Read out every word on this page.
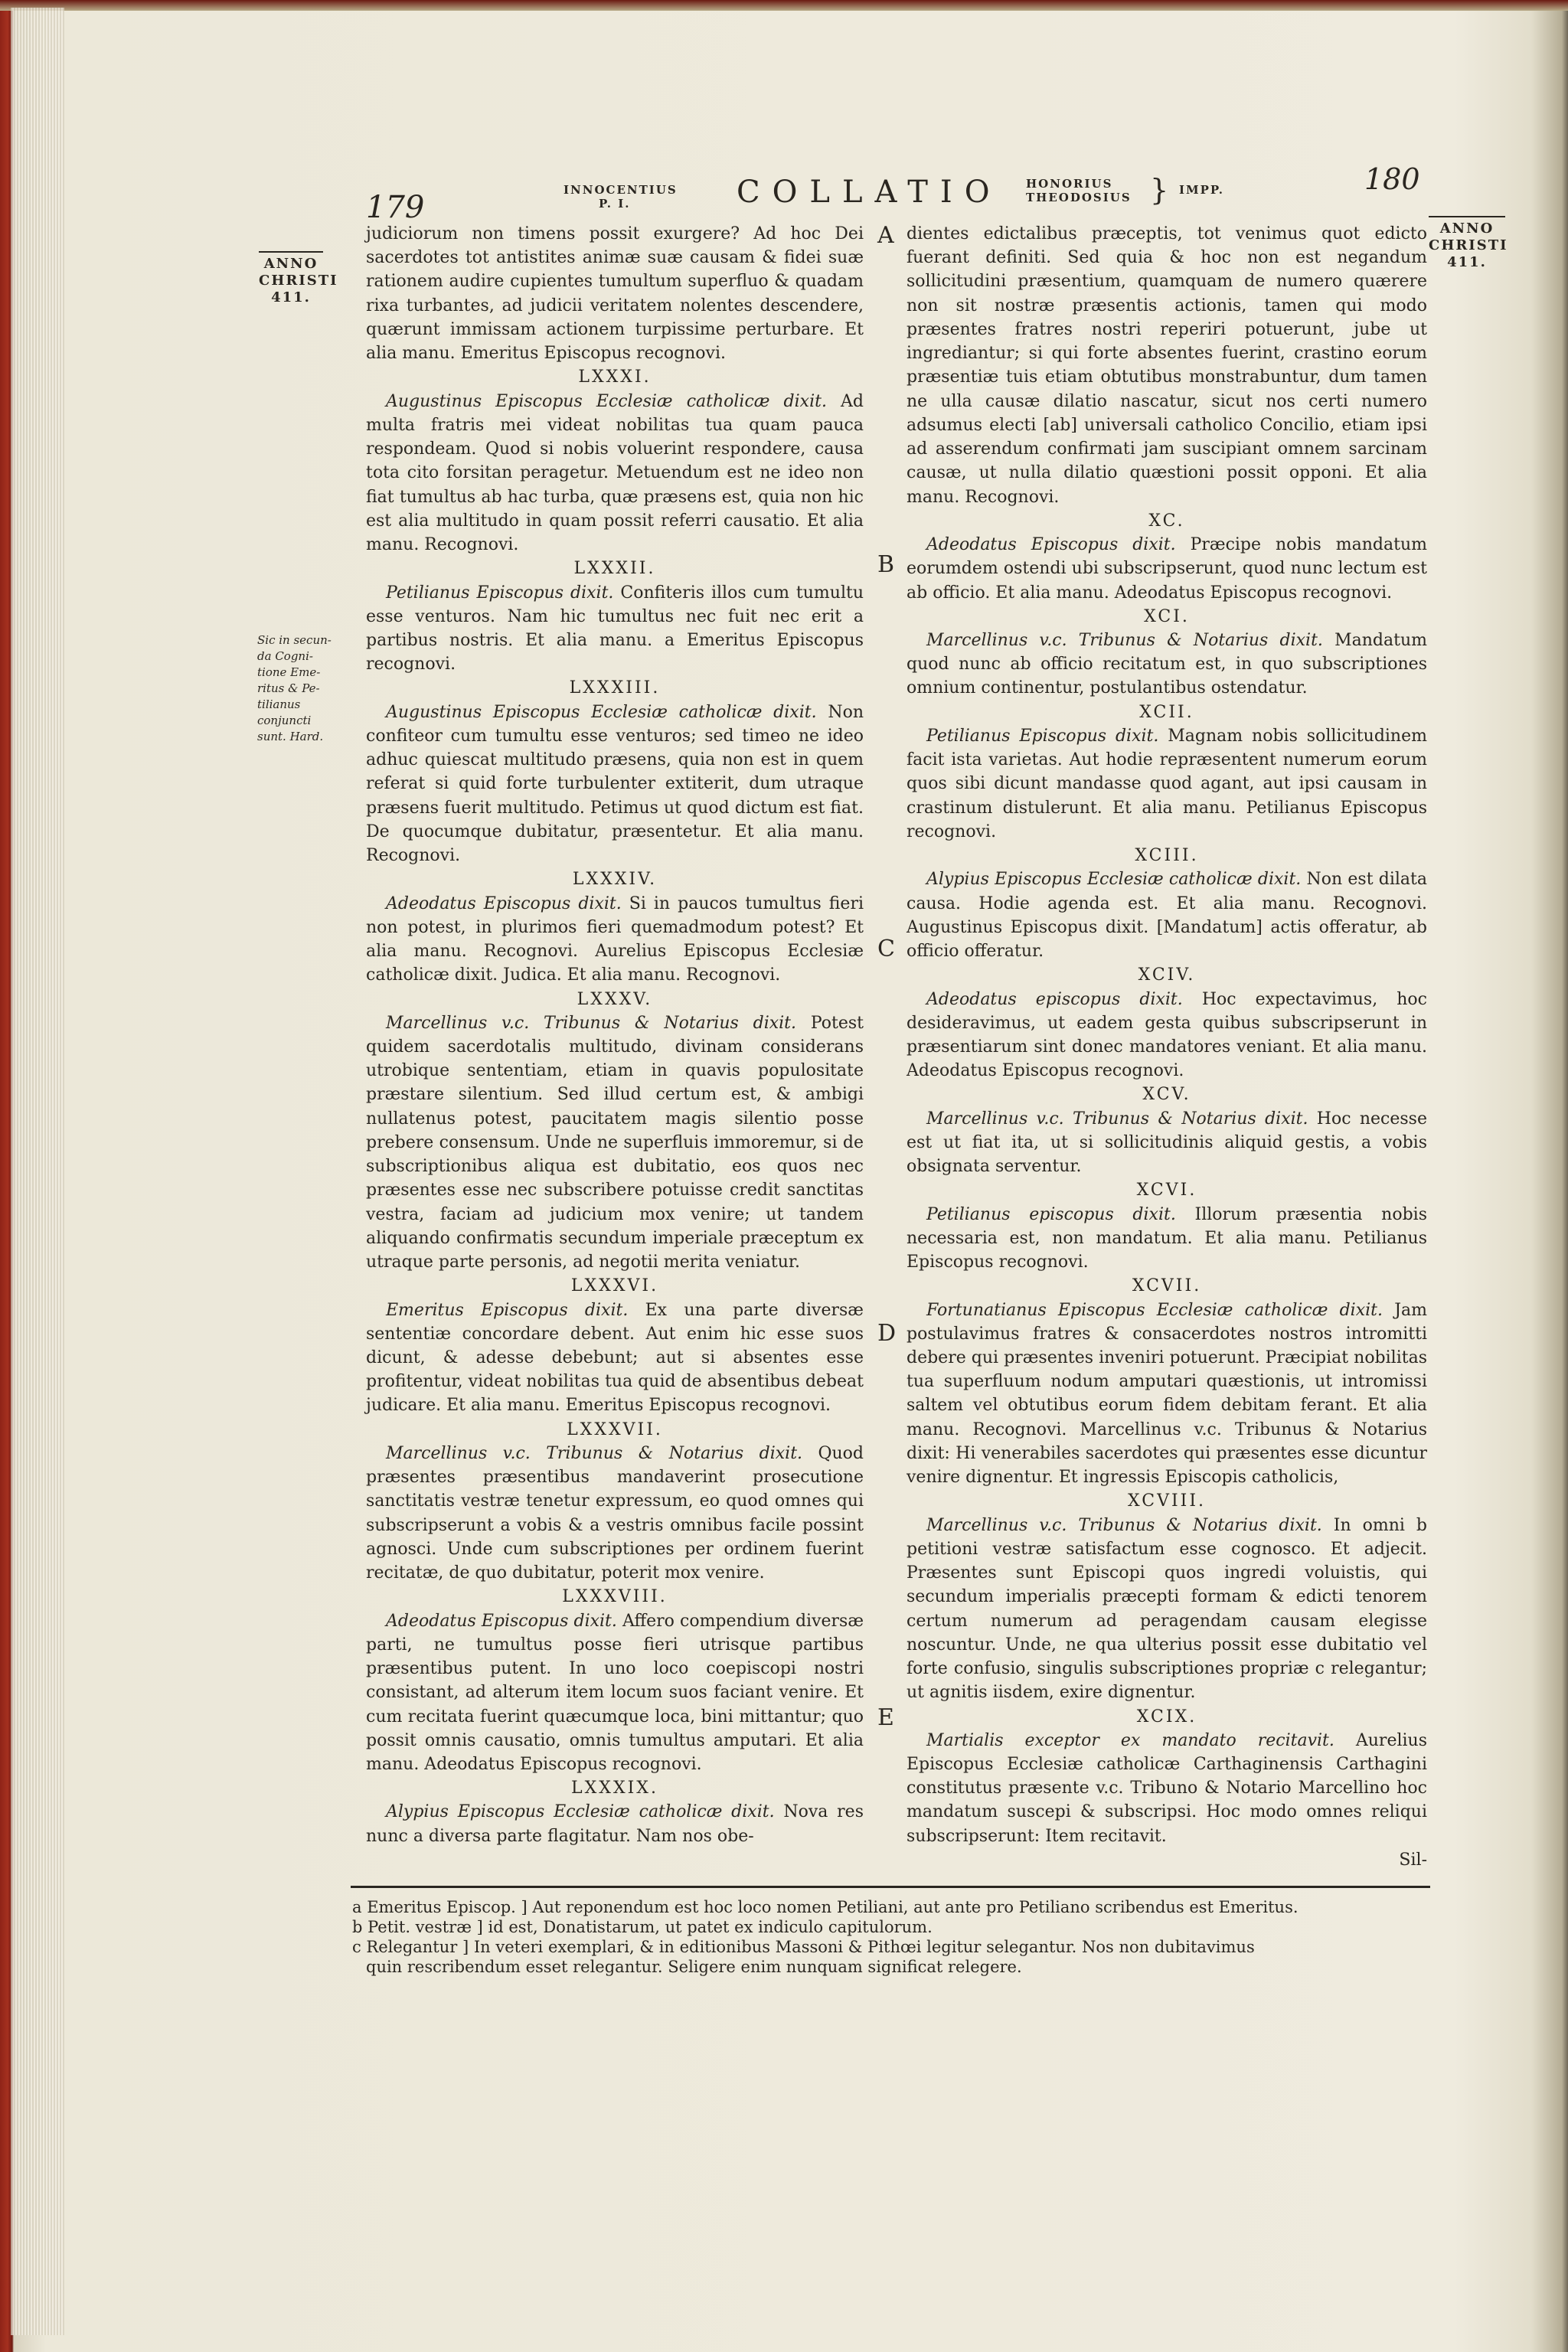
179	INNOCENTIUS
P. I.	COLLATIO HONORIUS
THEODOSIUS } IMPP.	180
ANNO
CHRISTI
411.
Sic in secun-
da Cogni-
tione Eme-
ritus & Pe-
tilianus
conjuncti
sunt. Hard.
ANNO
CHRISTI
411.
A
B
C
D
E

judiciorum non timens possit exurgere? Ad hoc Dei sacerdotes tot antistites animæ suæ causam & fidei suæ rationem audire cupientes tumultum superfluo & quadam rixa turbantes, ad judicii veritatem nolentes descendere, quærunt immissam actionem turpissime perturbare. Et alia manu. Emeritus Episcopus recognovi.

LXXXI.

Augustinus Episcopus Ecclesiæ catholicæ dixit. Ad multa fratris mei videat nobilitas tua quam pauca respondeam. Quod si nobis voluerint respondere, causa tota cito forsitan peragetur. Metuendum est ne ideo non fiat tumultus ab hac turba, quæ præsens est, quia non hic est alia multitudo in quam possit referri causatio. Et alia manu. Recognovi.

LXXXII.

Petilianus Episcopus dixit. Confiteris illos cum tumultu esse venturos. Nam hic tumultus nec fuit nec erit a partibus nostris. Et alia manu. a Emeritus Episcopus recognovi.

LXXXIII.

Augustinus Episcopus Ecclesiæ catholicæ dixit. Non confiteor cum tumultu esse venturos; sed timeo ne ideo adhuc quiescat multitudo præsens, quia non est in quem referat si quid forte turbulenter extiterit, dum utraque præsens fuerit multitudo. Petimus ut quod dictum est fiat. De quocumque dubitatur, præsentetur. Et alia manu. Recognovi.

LXXXIV.

Adeodatus Episcopus dixit. Si in paucos tumultus fieri non potest, in plurimos fieri quemadmodum potest? Et alia manu. Recognovi. Aurelius Episcopus Ecclesiæ catholicæ dixit. Judica. Et alia manu. Recognovi.

LXXXV.

Marcellinus v.c. Tribunus & Notarius dixit. Potest quidem sacerdotalis multitudo, divinam considerans utrobique sententiam, etiam in quavis populositate præstare silentium. Sed illud certum est, & ambigi nullatenus potest, paucitatem magis silentio posse prebere consensum. Unde ne superfluis immoremur, si de subscriptionibus aliqua est dubitatio, eos quos nec præsentes esse nec subscribere potuisse credit sanctitas vestra, faciam ad judicium mox venire; ut tandem aliquando confirmatis secundum imperiale præceptum ex utraque parte personis, ad negotii merita veniatur.

LXXXVI.

Emeritus Episcopus dixit. Ex una parte diversæ sententiæ concordare debent. Aut enim hic esse suos dicunt, & adesse debebunt; aut si absentes esse profitentur, videat nobilitas tua quid de absentibus debeat judicare. Et alia manu. Emeritus Episcopus recognovi.

LXXXVII.

Marcellinus v.c. Tribunus & Notarius dixit. Quod præsentes præsentibus mandaverint prosecutione sanctitatis vestræ tenetur expressum, eo quod omnes qui subscripserunt a vobis & a vestris omnibus facile possint agnosci. Unde cum subscriptiones per ordinem fuerint recitatæ, de quo dubitatur, poterit mox venire.

LXXXVIII.

Adeodatus Episcopus dixit. Affero compendium diversæ parti, ne tumultus posse fieri utrisque partibus præsentibus putent. In uno loco coepiscopi nostri consistant, ad alterum item locum suos faciant venire. Et cum recitata fuerint quæcumque loca, bini mittantur; quo possit omnis causatio, omnis tumultus amputari. Et alia manu. Adeodatus Episcopus recognovi.

LXXXIX.

Alypius Episcopus Ecclesiæ catholicæ dixit. Nova res nunc a diversa parte flagitatur. Nam nos obe-

dientes edictalibus præceptis, tot venimus quot edicto fuerant definiti. Sed quia & hoc non est negandum sollicitudini præsentium, quamquam de numero quærere non sit nostræ præsentis actionis, tamen qui modo præsentes fratres nostri reperiri potuerunt, jube ut ingrediantur; si qui forte absentes fuerint, crastino eorum præsentiæ tuis etiam obtutibus monstrabuntur, dum tamen ne ulla causæ dilatio nascatur, sicut nos certi numero adsumus electi [ab] universali catholico Concilio, etiam ipsi ad asserendum confirmati jam suscipiant omnem sarcinam causæ, ut nulla dilatio quæstioni possit opponi. Et alia manu. Recognovi.

XC.

Adeodatus Episcopus dixit. Præcipe nobis mandatum eorumdem ostendi ubi subscripserunt, quod nunc lectum est ab officio. Et alia manu. Adeodatus Episcopus recognovi.

XCI.

Marcellinus v.c. Tribunus & Notarius dixit. Mandatum quod nunc ab officio recitatum est, in quo subscriptiones omnium continentur, postulantibus ostendatur.

XCII.

Petilianus Episcopus dixit. Magnam nobis sollicitudinem facit ista varietas. Aut hodie repræsentent numerum eorum quos sibi dicunt mandasse quod agant, aut ipsi causam in crastinum distulerunt. Et alia manu. Petilianus Episcopus recognovi.

XCIII.

Alypius Episcopus Ecclesiæ catholicæ dixit. Non est dilata causa. Hodie agenda est. Et alia manu. Recognovi. Augustinus Episcopus dixit. [Mandatum] actis offeratur, ab officio offeratur.

XCIV.

Adeodatus episcopus dixit. Hoc expectavimus, hoc desideravimus, ut eadem gesta quibus subscripserunt in præsentiarum sint donec mandatores veniant. Et alia manu. Adeodatus Episcopus recognovi.

XCV.

Marcellinus v.c. Tribunus & Notarius dixit. Hoc necesse est ut fiat ita, ut si sollicitudinis aliquid gestis, a vobis obsignata serventur.

XCVI.

Petilianus episcopus dixit. Illorum præsentia nobis necessaria est, non mandatum. Et alia manu. Petilianus Episcopus recognovi.

XCVII.

Fortunatianus Episcopus Ecclesiæ catholicæ dixit. Jam postulavimus fratres & consacerdotes nostros intromitti debere qui præsentes inveniri potuerunt. Præcipiat nobilitas tua superfluum nodum amputari quæstionis, ut intromissi saltem vel obtutibus eorum fidem debitam ferant. Et alia manu. Recognovi. Marcellinus v.c. Tribunus & Notarius dixit: Hi venerabiles sacerdotes qui præsentes esse dicuntur venire dignentur. Et ingressis Episcopis catholicis,

XCVIII.

Marcellinus v.c. Tribunus & Notarius dixit. In omni b petitioni vestræ satisfactum esse cognosco. Et adjecit. Præsentes sunt Episcopi quos ingredi voluistis, qui secundum imperialis præcepti formam & edicti tenorem certum numerum ad peragendam causam elegisse noscuntur. Unde, ne qua ulterius possit esse dubitatio vel forte confusio, singulis subscriptiones propriæ c relegantur; ut agnitis iisdem, exire dignentur.

XCIX.

Martialis exceptor ex mandato recitavit. Aurelius Episcopus Ecclesiæ catholicæ Carthaginensis Carthagini constitutus præsente v.c. Tribuno & Notario Marcellino hoc mandatum suscepi & subscripsi. Hoc modo omnes reliqui subscripserunt: Item recitavit.

Sil-

a Emeritus Episcop. ] Aut reponendum est hoc loco nomen Petiliani, aut ante pro Petiliano scribendus est Emeritus.
b Petit. vestræ ] id est, Donatistarum, ut patet ex indiculo capitulorum.
c Relegantur ] In veteri exemplari, & in editionibus Massoni & Pithœi legitur selegantur. Nos non dubitavimus
quin rescribendum esset relegantur. Seligere enim nunquam significat relegere.
